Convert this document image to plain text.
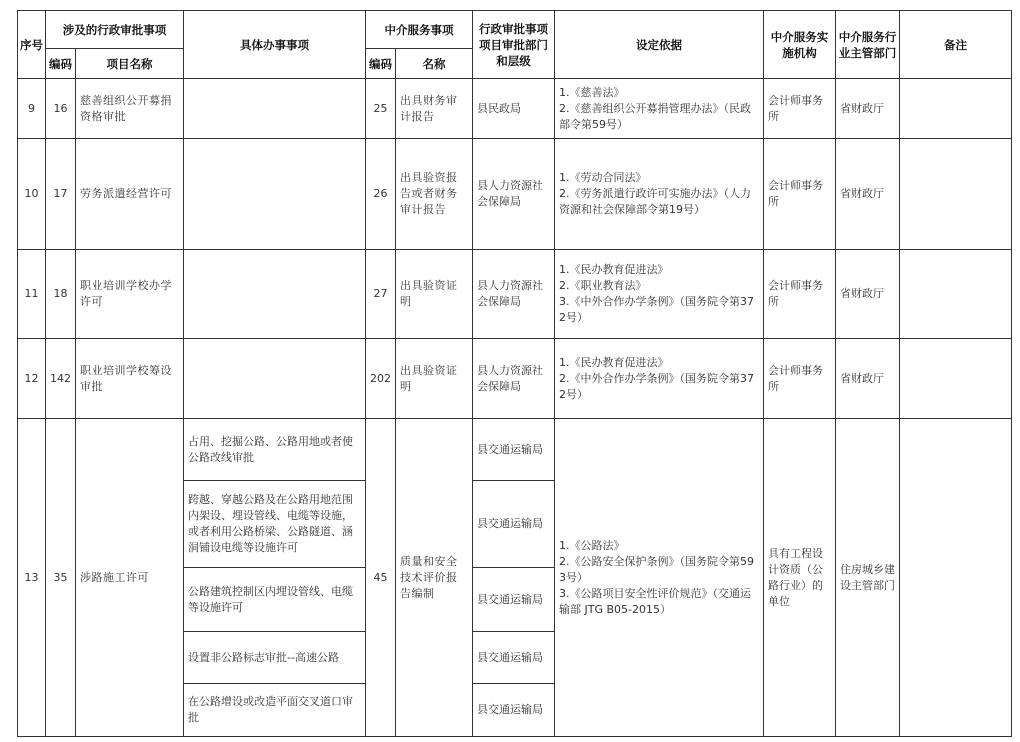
序号	涉及的行政审批事项		具体办事事项	中介服务事项		行政审批事项项目审批部门和层级	设定依据	中介服务实施机构	中介服务行业主管部门	备注
	编码	项目名称		编码	名称					
9	16	慈善组织公开募捐资格审批		25	出具财务审计报告	县民政局	1.《慈善法》
2.《慈善组织公开募捐管理办法》（民政部令第59号）	会计师事务所	省财政厅	
10	17	劳务派遣经营许可		26	出具验资报告或者财务审计报告	县人力资源社会保障局	1.《劳动合同法》
2.《劳务派遣行政许可实施办法》（人力资源和社会保障部令第19号）	会计师事务所	省财政厅	
11	18	职业培训学校办学许可		27	出具验资证明	县人力资源社会保障局	1.《民办教育促进法》
2.《职业教育法》
3.《中外合作办学条例》（国务院令第372号）	会计师事务所	省财政厅	
12	142	职业培训学校筹设审批		202	出具验资证明	县人力资源社会保障局	1.《民办教育促进法》
2.《中外合作办学条例》（国务院令第372号）	会计师事务所	省财政厅	
13	35	涉路施工许可	占用、挖掘公路、公路用地或者使公路改线审批	45	质量和安全技术评价报告编制	县交通运输局	1.《公路法》
2.《公路安全保护条例》（国务院令第593号）
3.《公路项目安全性评价规范》（交通运输部 JTG B05-2015）	具有工程设计资质（公路行业）的单位	住房城乡建设主管部门	
			跨越、穿越公路及在公路用地范围内架设、埋设管线、电缆等设施，或者利用公路桥梁、公路隧道、涵洞铺设电缆等设施许可			县交通运输局				
			公路建筑控制区内埋设管线、电缆等设施许可			县交通运输局				
			设置非公路标志审批--高速公路			县交通运输局				
			在公路增设或改造平面交叉道口审批			县交通运输局				
